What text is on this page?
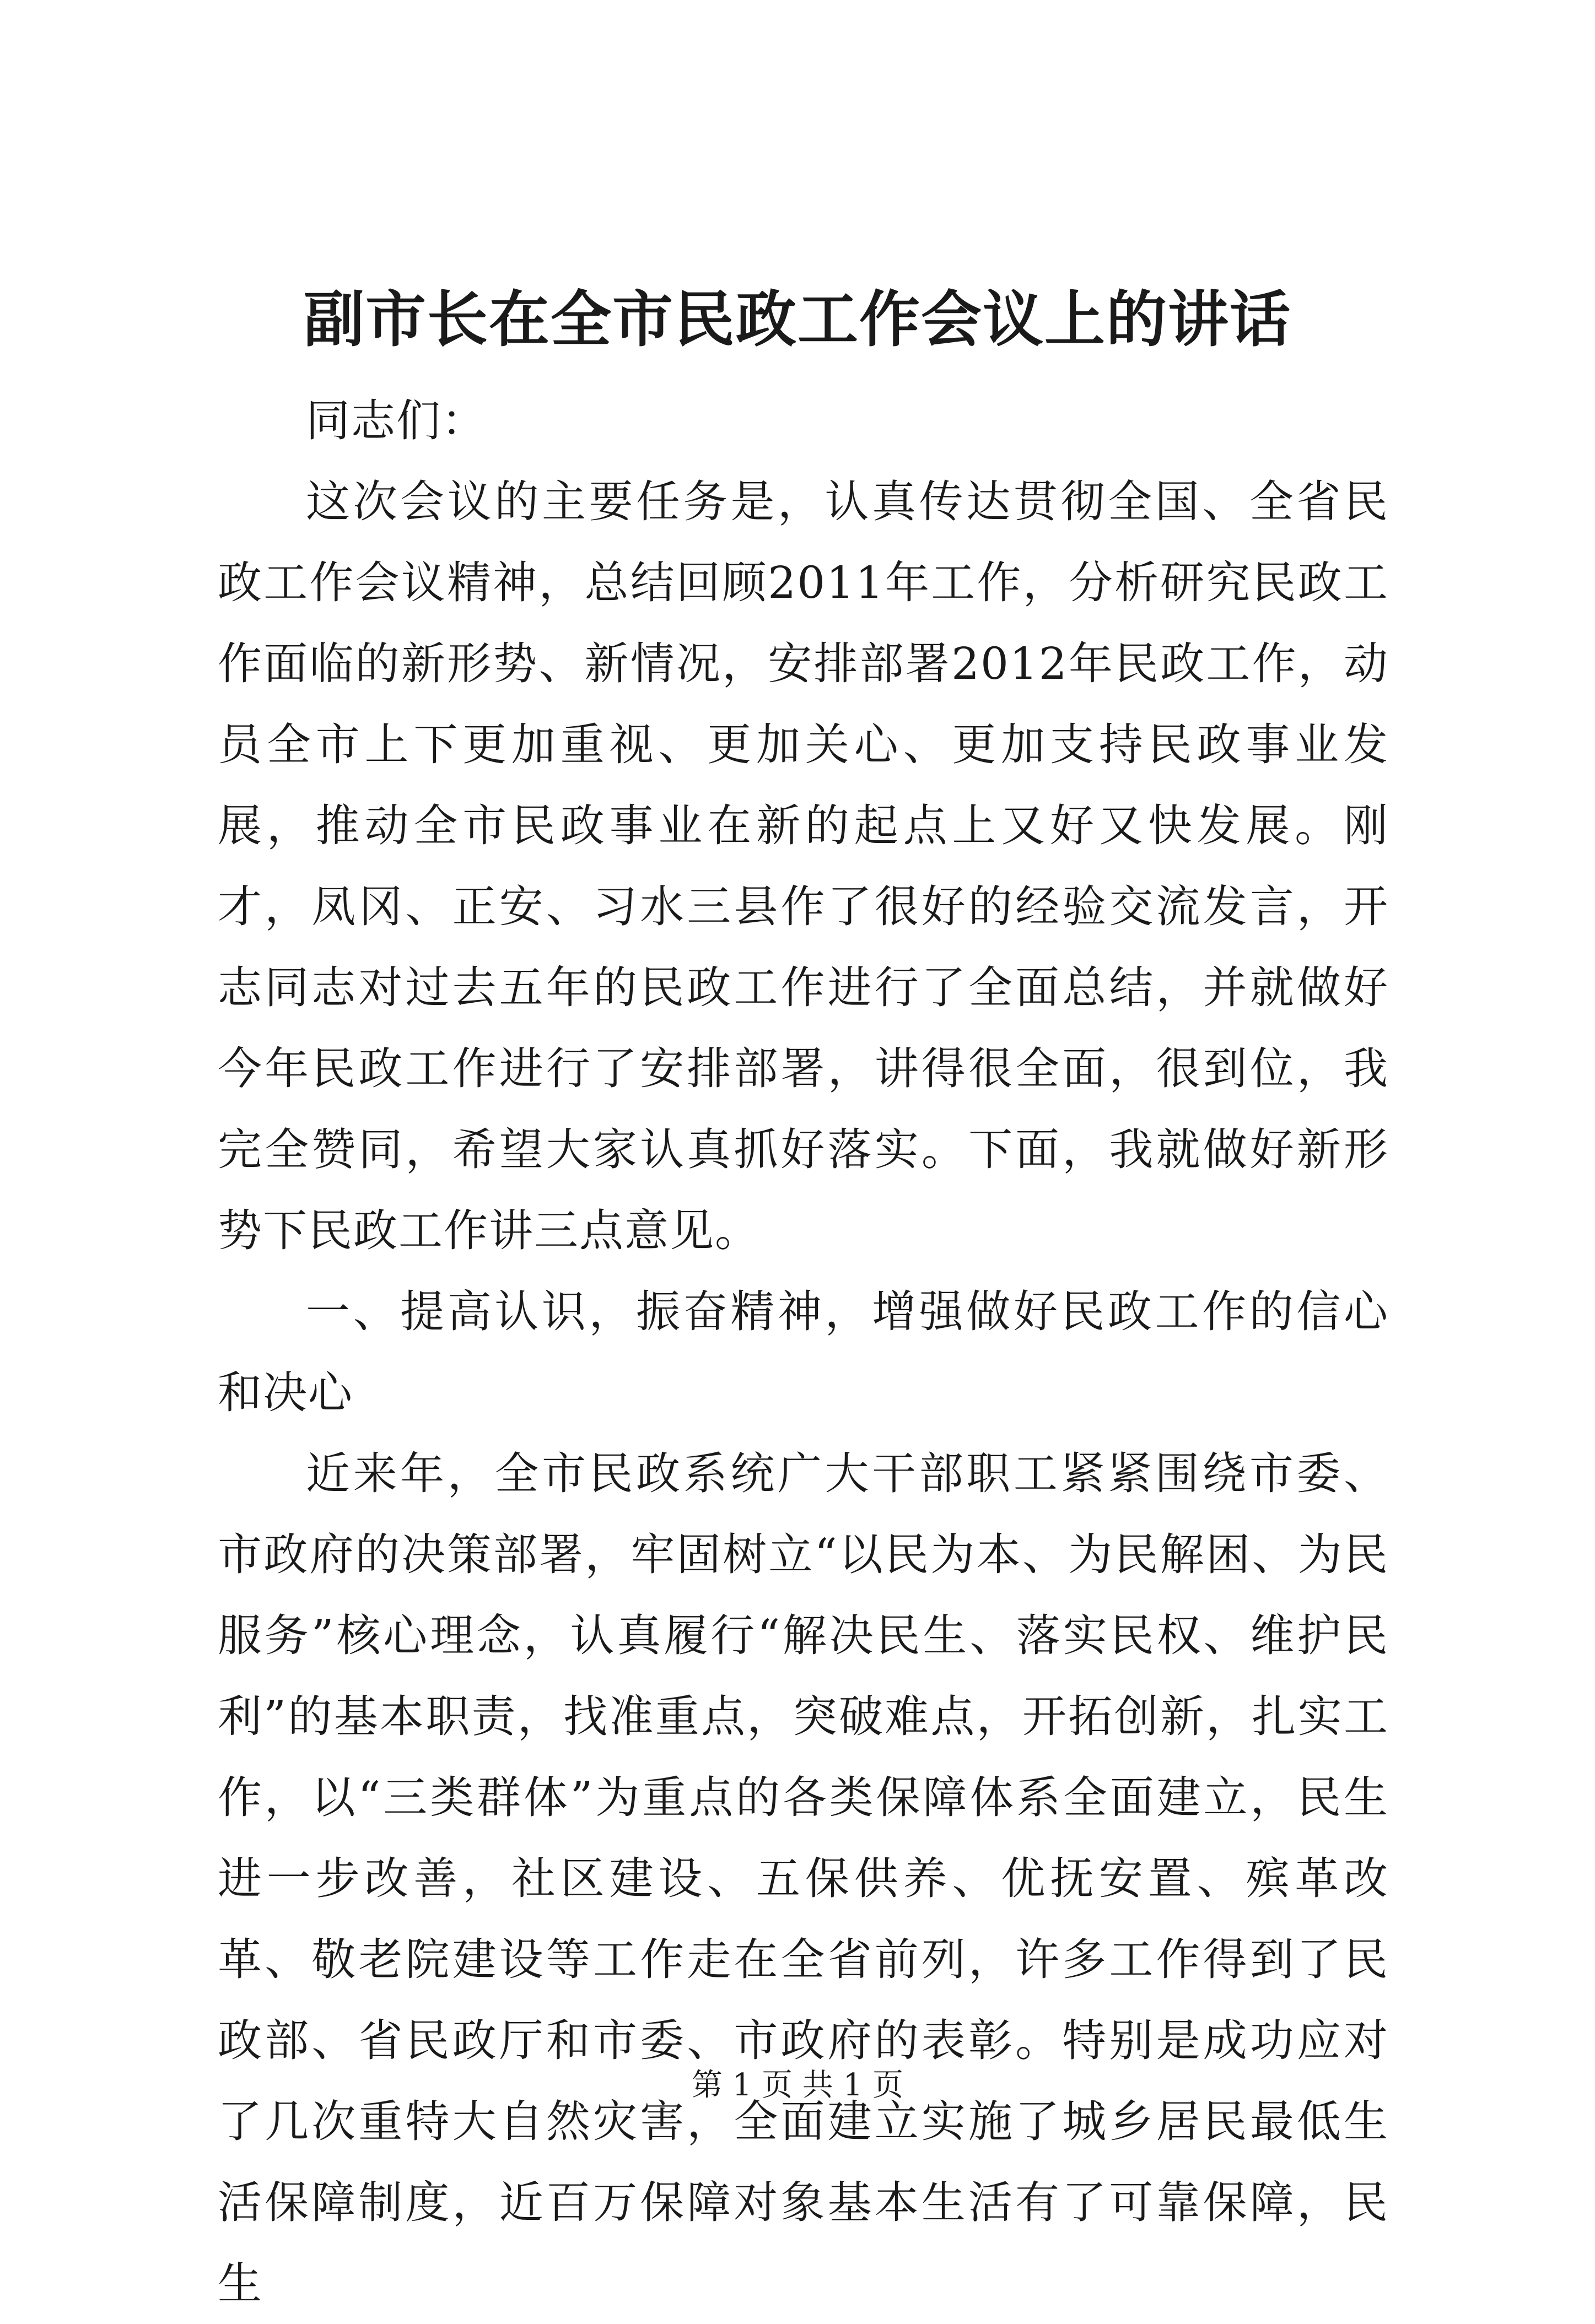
副市长在全市民政工作会议上的讲话

同志们：

这次会议的主要任务是，认真传达贯彻全国、全省民政工作会议精神，总结回顾2011年工作，分析研究民政工作面临的新形势、新情况，安排部署2012年民政工作，动员全市上下更加重视、更加关心、更加支持民政事业发展，推动全市民政事业在新的起点上又好又快发展。刚才，凤冈、正安、习水三县作了很好的经验交流发言，开志同志对过去五年的民政工作进行了全面总结，并就做好今年民政工作进行了安排部署，讲得很全面，很到位，我完全赞同，希望大家认真抓好落实。下面，我就做好新形势下民政工作讲三点意见。

一、提高认识，振奋精神，增强做好民政工作的信心和决心

近来年，全市民政系统广大干部职工紧紧围绕市委、市政府的决策部署，牢固树立“以民为本、为民解困、为民服务”核心理念，认真履行“解决民生、落实民权、维护民利”的基本职责，找准重点，突破难点，开拓创新，扎实工作，以“三类群体”为重点的各类保障体系全面建立，民生进一步改善，社区建设、五保供养、优抚安置、殡革改革、敬老院建设等工作走在全省前列，许多工作得到了民政部、省民政厅和市委、市政府的表彰。特别是成功应对了几次重特大自然灾害，全面建立实施了城乡居民最低生活保障制度，近百万保障对象基本生活有了可靠保障，民生

第 1 页 共 1 页
